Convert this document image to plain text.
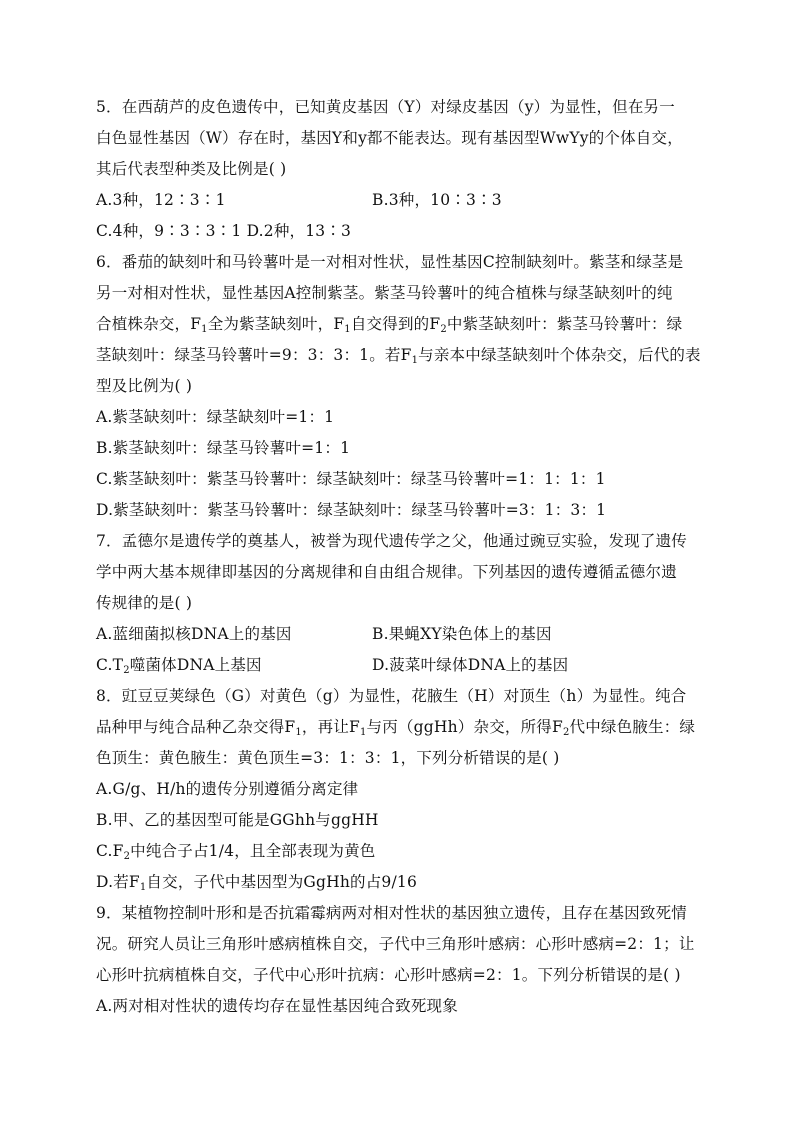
5．在西葫芦的皮色遗传中，已知黄皮基因（Y）对绿皮基因（y）为显性，但在另一
白色显性基因（W）存在时，基因Y和y都不能表达。现有基因型WwYy的个体自交，
其后代表型种类及比例是( )
A.3种，12∶3∶1	B.3种，10∶3∶3
C.4种，9∶3∶3∶1 D.2种，13∶3
6．番茄的缺刻叶和马铃薯叶是一对相对性状，显性基因C控制缺刻叶。紫茎和绿茎是
另一对相对性状，显性基因A控制紫茎。紫茎马铃薯叶的纯合植株与绿茎缺刻叶的纯
合植株杂交，$F_1$全为紫茎缺刻叶，$F_1$自交得到的$F_2$中紫茎缺刻叶：紫茎马铃薯叶：绿
茎缺刻叶：绿茎马铃薯叶=9：3：3：1。若$F_1$与亲本中绿茎缺刻叶个体杂交，后代的表
型及比例为( )
A.紫茎缺刻叶：绿茎缺刻叶=1：1
B.紫茎缺刻叶：绿茎马铃薯叶=1：1
C.紫茎缺刻叶：紫茎马铃薯叶：绿茎缺刻叶：绿茎马铃薯叶=1：1：1：1
D.紫茎缺刻叶：紫茎马铃薯叶：绿茎缺刻叶：绿茎马铃薯叶=3：1：3：1
7．孟德尔是遗传学的奠基人，被誉为现代遗传学之父，他通过豌豆实验，发现了遗传
学中两大基本规律即基因的分离规律和自由组合规律。下列基因的遗传遵循孟德尔遗
传规律的是( )
A.蓝细菌拟核DNA上的基因	B.果蝇XY染色体上的基因
$C.T_2$噬菌体DNA上基因	D.菠菜叶绿体DNA上的基因
8．豇豆豆荚绿色（G）对黄色（g）为显性，花腋生（H）对顶生（h）为显性。纯合
品种甲与纯合品种乙杂交得$F_1$，再让$F_1$与丙（ggHh）杂交，所得$F_2$代中绿色腋生：绿
色顶生：黄色腋生：黄色顶生=3：1：3：1，下列分析错误的是( )
A.G/g、H/h的遗传分别遵循分离定律
B.甲、乙的基因型可能是GGhh与ggHH
$C.F_2$中纯合子占1/4，且全部表现为黄色
D.若$F_1$自交，子代中基因型为GgHh的占9/16
9．某植物控制叶形和是否抗霜霉病两对相对性状的基因独立遗传，且存在基因致死情
况。研究人员让三角形叶感病植株自交，子代中三角形叶感病：心形叶感病=2：1；让
心形叶抗病植株自交，子代中心形叶抗病：心形叶感病=2：1。下列分析错误的是( )
A.两对相对性状的遗传均存在显性基因纯合致死现象
